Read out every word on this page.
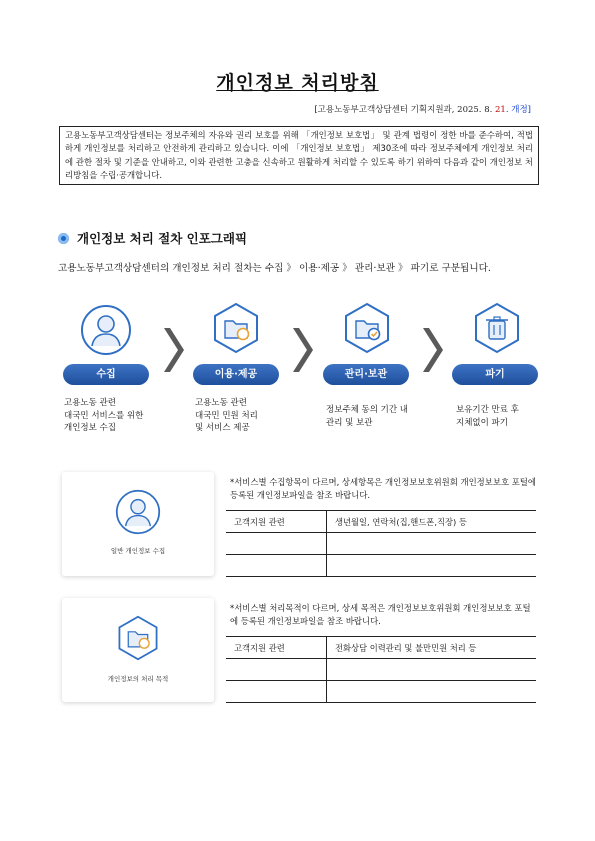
개인정보 처리방침
[고용노동부고객상담센터 기획지원과, 2025. 8. 21. 개정]
고용노동부고객상담센터는 정보주체의 자유와 권리 보호를 위해 「개인정보 보호법」 및 관계 법령이 정한 바를 준수하여, 적법하게 개인정보를 처리하고 안전하게 관리하고 있습니다. 이에 「개인정보 보호법」 제30조에 따라 정보주체에게 개인정보 처리에 관한 절차 및 기준을 안내하고, 이와 관련한 고충을 신속하고 원활하게 처리할 수 있도록 하기 위하여 다음과 같이 개인정보 처리방침을 수립·공개합니다.
개인정보 처리 절차 인포그래픽
고용노동부고객상담센터의 개인정보 처리 절차는 수집 》 이용·제공 》 관리·보관 》 파기로 구분됩니다.
수집	이용·제공	관리·보관	파기
고용노동 관련
대국민 서비스를 위한
개인정보 수집
고용노동 관련
대국민 민원 처리
및 서비스 제공
정보주체 동의 기간 내
관리 및 보관
보유기간 만료 후
지체없이 파기
일반 개인정보 수집
*서비스별 수집항목이 다르며, 상세항목은 개인정보보호위원회 개인정보보호 포털에 등록된 개인정보파일을 참조 바랍니다.
고객지원 관련	생년월일, 연락처(집,핸드폰,직장) 등

개인정보의 처리 목적
*서비스별 처리목적이 다르며, 상세 목적은 개인정보보호위원회 개인정보보호 포털에 등록된 개인정보파일을 참조 바랍니다.
고객지원 관련	전화상담 이력관리 및 불만민원 처리 등
